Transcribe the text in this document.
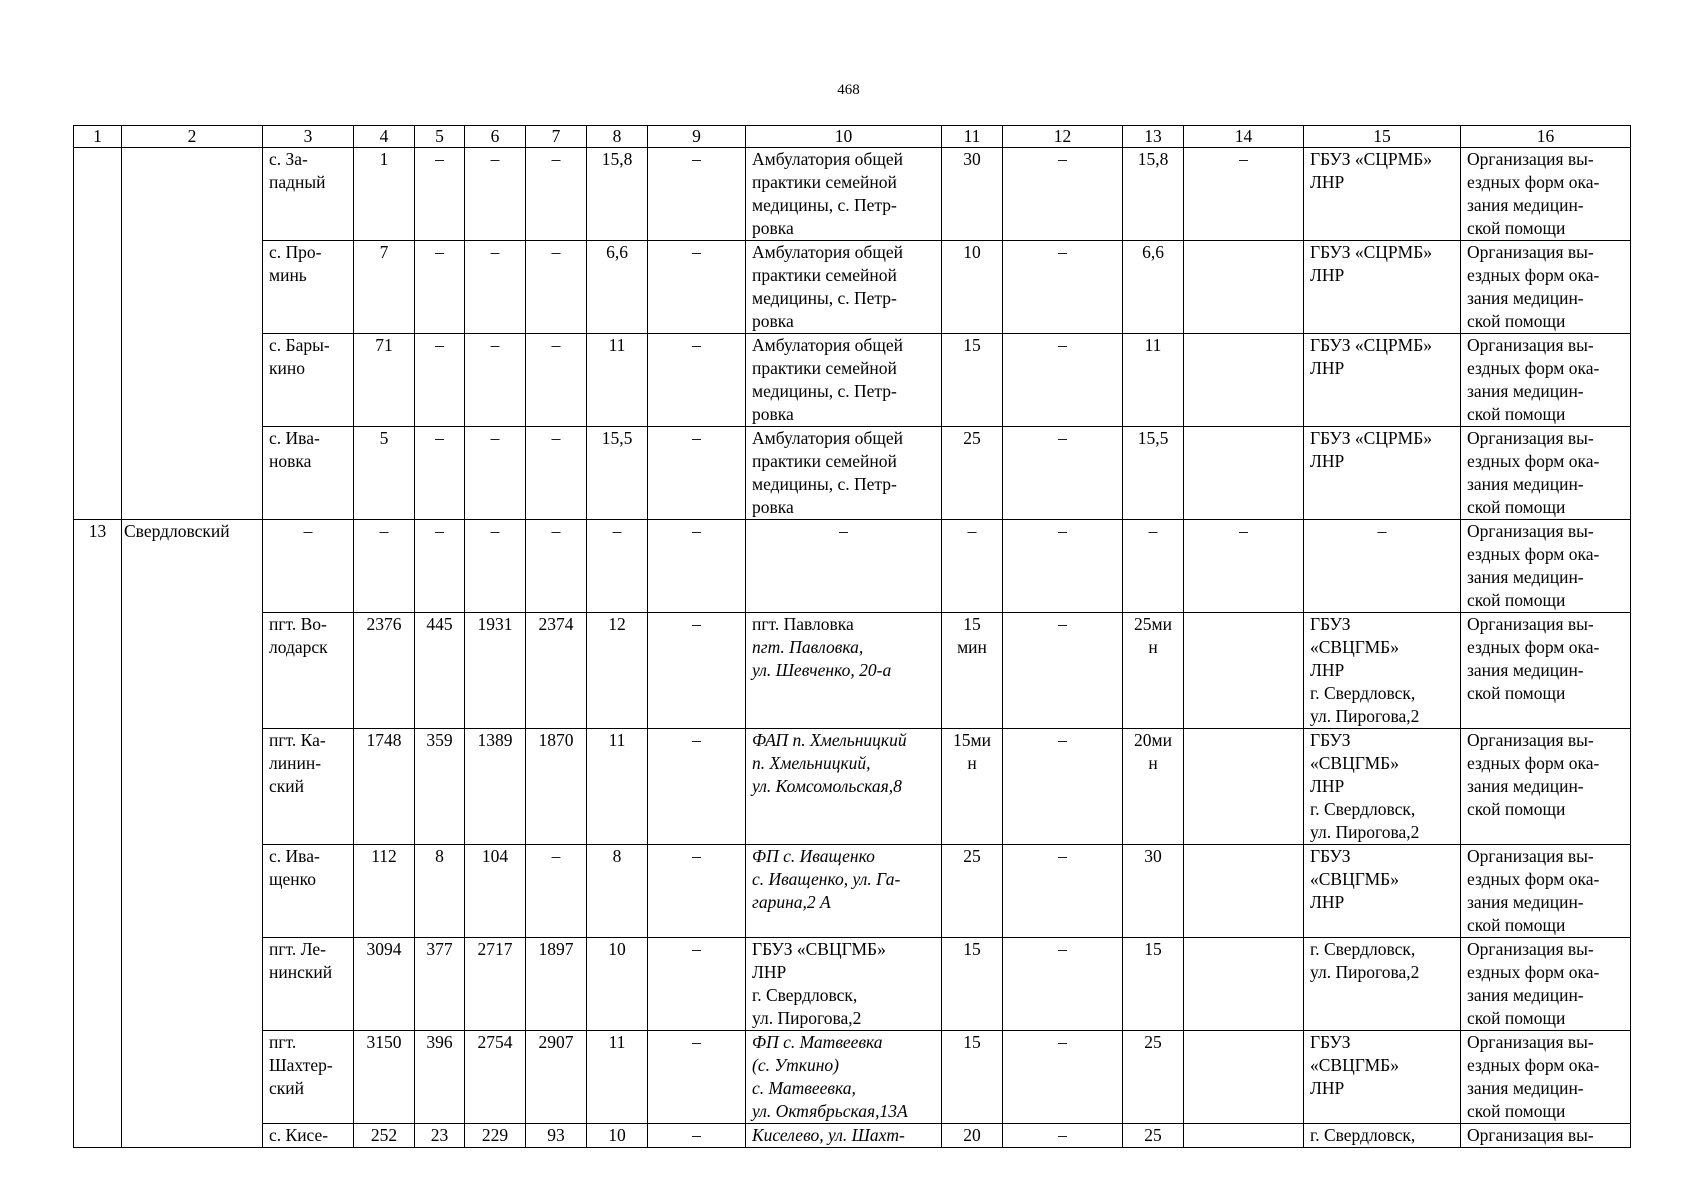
468
1	2	3	4	5	6	7	8	9	10	11	12	13	14	15	16
		с. За-
падный	1	–	–	–	15,8	–	Амбулатория общей
практики семейной
медицины, с. Петр-
ровка	30	–	15,8	–	ГБУЗ «СЦРМБ»
ЛНР	Организация вы-
ездных форм ока-
зания медицин-
ской помощи
		с. Про-
минь	7	–	–	–	6,6	–	Амбулатория общей
практики семейной
медицины, с. Петр-
ровка	10	–	6,6		ГБУЗ «СЦРМБ»
ЛНР	Организация вы-
ездных форм ока-
зания медицин-
ской помощи
		с. Бары-
кино	71	–	–	–	11	–	Амбулатория общей
практики семейной
медицины, с. Петр-
ровка	15	–	11		ГБУЗ «СЦРМБ»
ЛНР	Организация вы-
ездных форм ока-
зания медицин-
ской помощи
		с. Ива-
новка	5	–	–	–	15,5	–	Амбулатория общей
практики семейной
медицины, с. Петр-
ровка	25	–	15,5		ГБУЗ «СЦРМБ»
ЛНР	Организация вы-
ездных форм ока-
зания медицин-
ской помощи
13	Свердловский	–	–	–	–	–	–	–	–	–	–	–	–	–	Организация вы-
ездных форм ока-
зания медицин-
ской помощи
		пгт. Во-
лодарск	2376	445	1931	2374	12	–	пгт. Павловка
пгт. Павловка,
ул. Шевченко, 20-а	15
мин	–	25ми
н		ГБУЗ
«СВЦГМБ»
ЛНР
г. Свердловск,
ул. Пирогова,2	Организация вы-
ездных форм ока-
зания медицин-
ской помощи
		пгт. Ка-
линин-
ский	1748	359	1389	1870	11	–	ФАП п. Хмельницкий
п. Хмельницкий,
ул. Комсомольская,8	15ми
н	–	20ми
н		ГБУЗ
«СВЦГМБ»
ЛНР
г. Свердловск,
ул. Пирогова,2	Организация вы-
ездных форм ока-
зания медицин-
ской помощи
		с. Ива-
щенко	112	8	104	–	8	–	ФП с. Иващенко
с. Иващенко, ул. Га-
гарина,2 А	25	–	30		ГБУЗ
«СВЦГМБ»
ЛНР	Организация вы-
ездных форм ока-
зания медицин-
ской помощи
		пгт. Ле-
нинский	3094	377	2717	1897	10	–	ГБУЗ «СВЦГМБ»
ЛНР
г. Свердловск,
ул. Пирогова,2	15	–	15		г. Свердловск,
ул. Пирогова,2	Организация вы-
ездных форм ока-
зания медицин-
ской помощи
		пгт.
Шахтер-
ский	3150	396	2754	2907	11	–	ФП с. Матвеевка
(с. Уткино)
с. Матвеевка,
ул. Октябрьская,13А	15	–	25		ГБУЗ
«СВЦГМБ»
ЛНР	Организация вы-
ездных форм ока-
зания медицин-
ской помощи
		с. Кисе-	252	23	229	93	10	–	Киселево, ул. Шахт-	20	–	25		г. Свердловск,	Организация вы-
